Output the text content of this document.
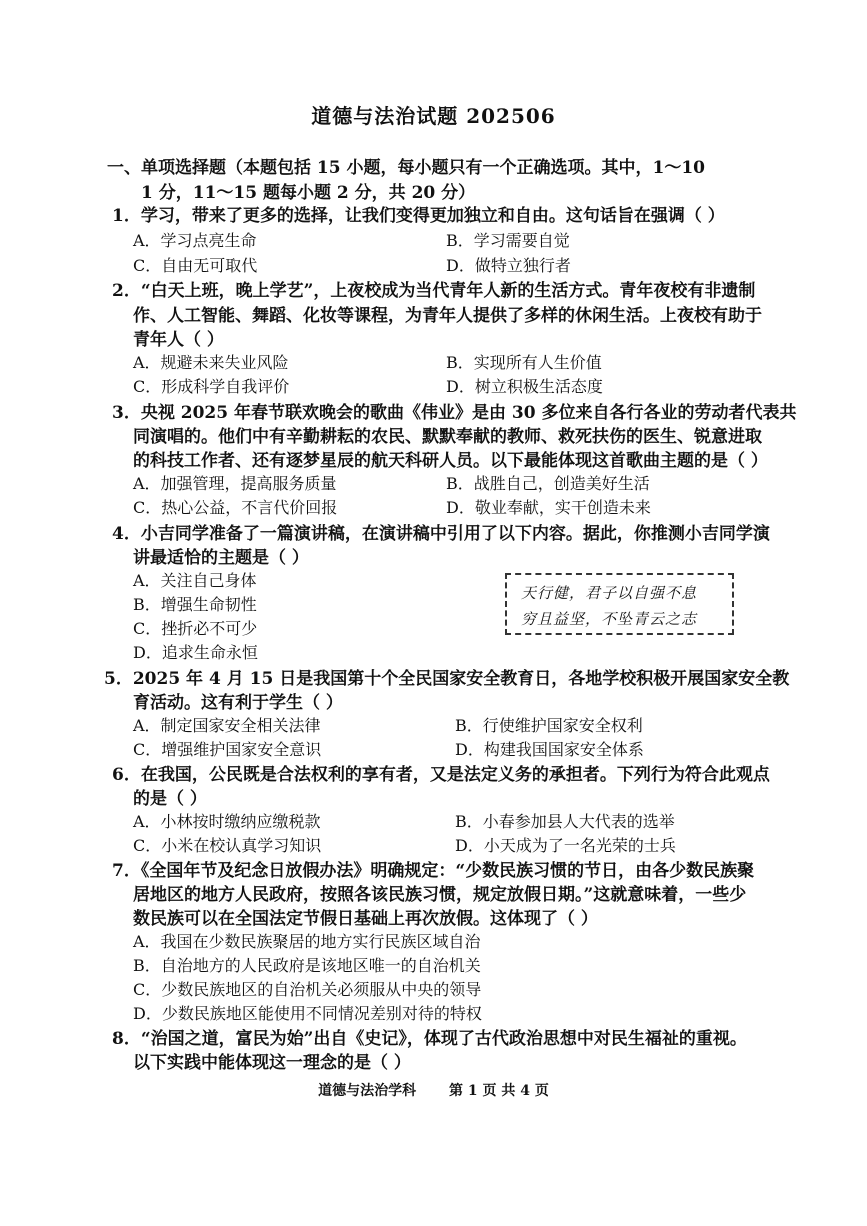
道德与法治试题 202506
一、单项选择题（本题包括 15 小题，每小题只有一个正确选项。其中，1～10
1 分，11～15 题每小题 2 分，共 20 分）
1．学习，带来了更多的选择，让我们变得更加独立和自由。这句话旨在强调（ ）
A．学习点亮生命	B．学习需要自觉
C．自由无可取代	D．做特立独行者
2．“白天上班，晚上学艺”，上夜校成为当代青年人新的生活方式。青年夜校有非遗制
作、人工智能、舞蹈、化妆等课程，为青年人提供了多样的休闲生活。上夜校有助于
青年人（ ）
A．规避未来失业风险	B．实现所有人生价值
C．形成科学自我评价	D．树立积极生活态度
3．央视 2025 年春节联欢晚会的歌曲《伟业》是由 30 多位来自各行各业的劳动者代表共
同演唱的。他们中有辛勤耕耘的农民、默默奉献的教师、救死扶伤的医生、锐意进取
的科技工作者、还有逐梦星辰的航天科研人员。以下最能体现这首歌曲主题的是（ ）
A．加强管理，提高服务质量	B．战胜自己，创造美好生活
C．热心公益，不言代价回报	D．敬业奉献，实干创造未来
4．小吉同学准备了一篇演讲稿，在演讲稿中引用了以下内容。据此，你推测小吉同学演
讲最适恰的主题是（ ）
A．关注自己身体
B．增强生命韧性
C．挫折必不可少
D．追求生命永恒
天行健，君子以自强不息
穷且益坚，不坠青云之志
5．2025 年 4 月 15 日是我国第十个全民国家安全教育日，各地学校积极开展国家安全教
育活动。这有利于学生（ ）
A．制定国家安全相关法律	B．行使维护国家安全权利
C．增强维护国家安全意识	D．构建我国国家安全体系
6．在我国，公民既是合法权利的享有者，又是法定义务的承担者。下列行为符合此观点
的是（ ）
A．小林按时缴纳应缴税款	B．小春参加县人大代表的选举
C．小米在校认真学习知识	D．小天成为了一名光荣的士兵
7．《全国年节及纪念日放假办法》明确规定：“少数民族习惯的节日，由各少数民族聚
居地区的地方人民政府，按照各该民族习惯，规定放假日期。”这就意味着，一些少
数民族可以在全国法定节假日基础上再次放假。这体现了（ ）
A．我国在少数民族聚居的地方实行民族区域自治
B．自治地方的人民政府是该地区唯一的自治机关
C．少数民族地区的自治机关必须服从中央的领导
D．少数民族地区能使用不同情况差别对待的特权
8．“治国之道，富民为始”出自《史记》，体现了古代政治思想中对民生福祉的重视。
以下实践中能体现这一理念的是（ ）
道德与法治学科 第 1 页 共 4 页
